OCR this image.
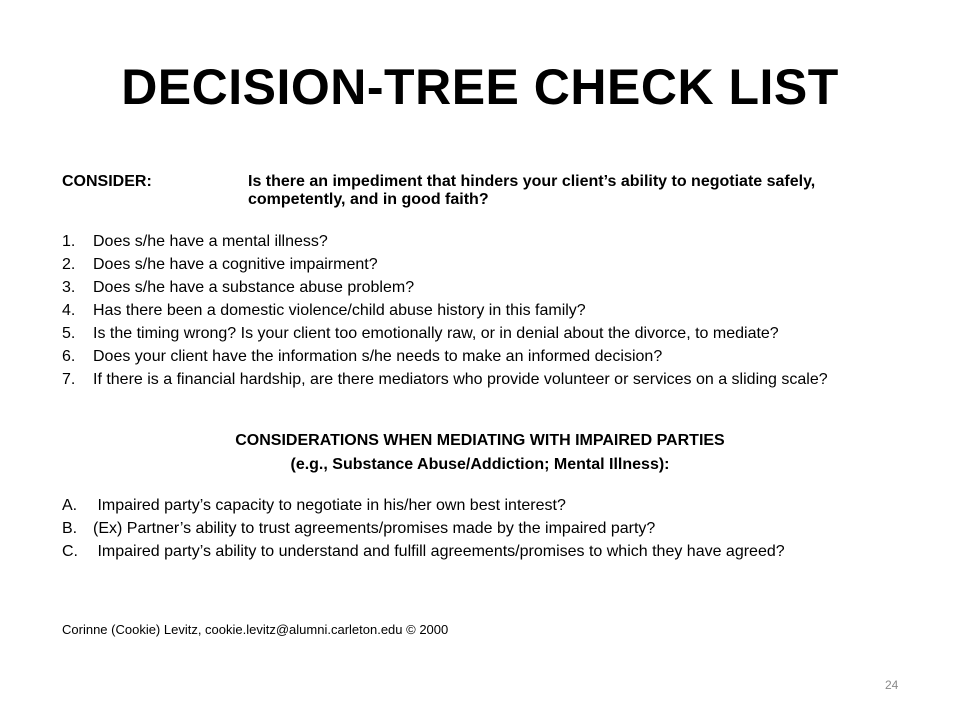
DECISION-TREE CHECK LIST
CONSIDER:	Is there an impediment that hinders your client’s ability to negotiate safely, competently, and in good faith?
1.	Does s/he have a mental illness?
2.	Does s/he have a cognitive impairment?
3.	Does s/he have a substance abuse problem?
4.	Has there been a domestic violence/child abuse history in this family?
5.	Is the timing wrong? Is your client too emotionally raw, or in denial about the divorce, to mediate?
6.	Does your client have the information s/he needs to make an informed decision?
7.	If there is a financial hardship, are there mediators who provide volunteer or services on a sliding scale?
CONSIDERATIONS WHEN MEDIATING WITH IMPAIRED PARTIES
(e.g., Substance Abuse/Addiction; Mental Illness):
A. Impaired party’s capacity to negotiate in his/her own best interest?
B. (Ex) Partner’s ability to trust agreements/promises made by the impaired party?
C. Impaired party’s ability to understand and fulfill agreements/promises to which they have agreed?
Corinne (Cookie) Levitz, cookie.levitz@alumni.carleton.edu © 2000
24
